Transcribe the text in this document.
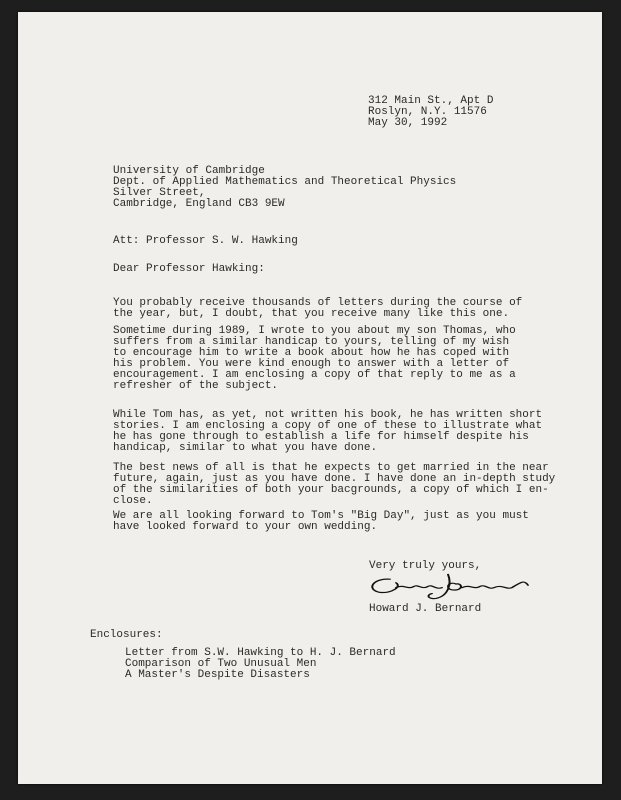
312 Main St., Apt D
Roslyn, N.Y. 11576
May 30, 1992
University of Cambridge
Dept. of Applied Mathematics and Theoretical Physics
Silver Street,
Cambridge, England CB3 9EW
Att: Professor S. W. Hawking
Dear Professor Hawking:
You probably receive thousands of letters during the course of
the year, but, I doubt, that you receive many like this one.
Sometime during 1989, I wrote to you about my son Thomas, who
suffers from a similar handicap to yours, telling of my wish
to encourage him to write a book about how he has coped with
his problem. You were kind enough to answer with a letter of
encouragement. I am enclosing a copy of that reply to me as a
refresher of the subject.
While Tom has, as yet, not written his book, he has written short
stories. I am enclosing a copy of one of these to illustrate what
he has gone through to establish a life for himself despite his
handicap, similar to what you have done.
The best news of all is that he expects to get married in the near
future, again, just as you have done. I have done an in-depth study
of the similarities of both your bacgrounds, a copy of which I en-
close.
We are all looking forward to Tom's "Big Day", just as you must
have looked forward to your own wedding.
Very truly yours,
Howard J. Bernard
Enclosures:
Letter from S.W. Hawking to H. J. Bernard
Comparison of Two Unusual Men
A Master's Despite Disasters
